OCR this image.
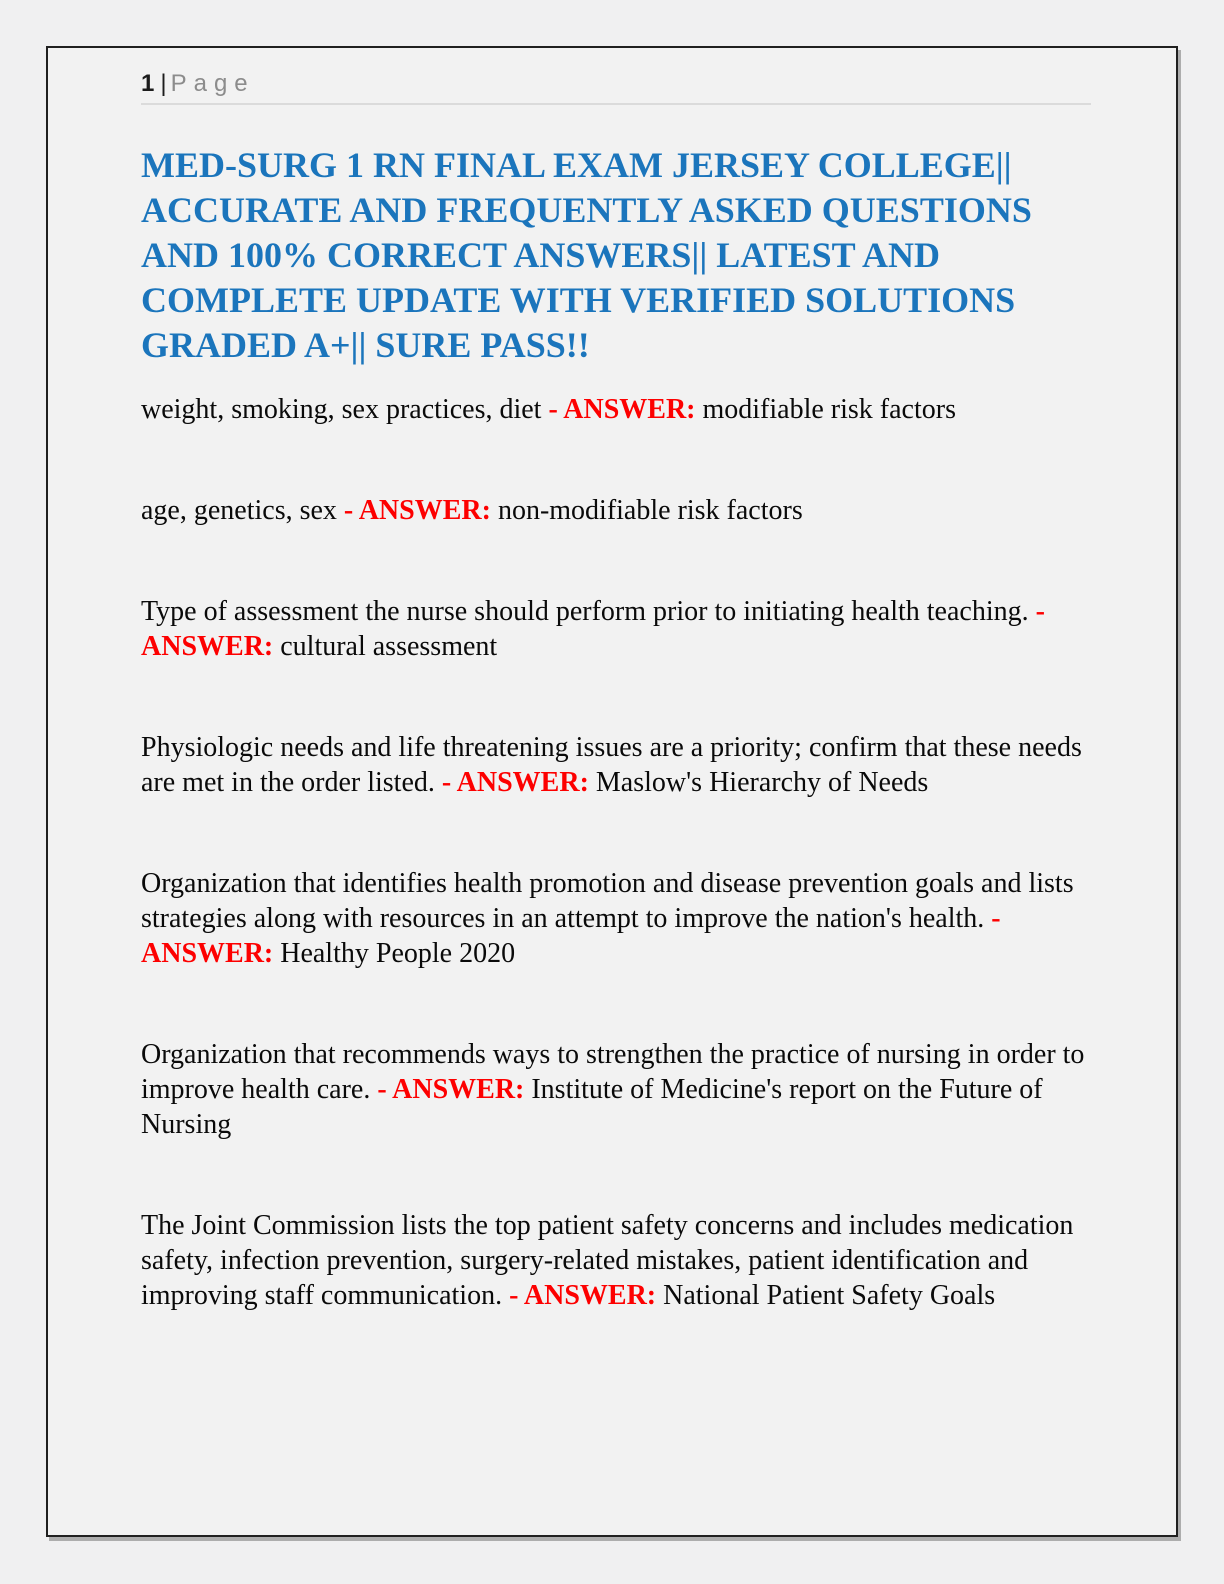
1 | Page
MED-SURG 1 RN FINAL EXAM JERSEY COLLEGE|| ACCURATE AND FREQUENTLY ASKED QUESTIONS AND 100% CORRECT ANSWERS|| LATEST AND COMPLETE UPDATE WITH VERIFIED SOLUTIONS GRADED A+|| SURE PASS!!

weight, smoking, sex practices, diet - ANSWER: modifiable risk factors

age, genetics, sex - ANSWER: non-modifiable risk factors

Type of assessment the nurse should perform prior to initiating health teaching. - ANSWER: cultural assessment

Physiologic needs and life threatening issues are a priority; confirm that these needs are met in the order listed. - ANSWER: Maslow's Hierarchy of Needs

Organization that identifies health promotion and disease prevention goals and lists strategies along with resources in an attempt to improve the nation's health. - ANSWER: Healthy People 2020

Organization that recommends ways to strengthen the practice of nursing in order to improve health care. - ANSWER: Institute of Medicine's report on the Future of Nursing

The Joint Commission lists the top patient safety concerns and includes medication safety, infection prevention, surgery-related mistakes, patient identification and improving staff communication. - ANSWER: National Patient Safety Goals
